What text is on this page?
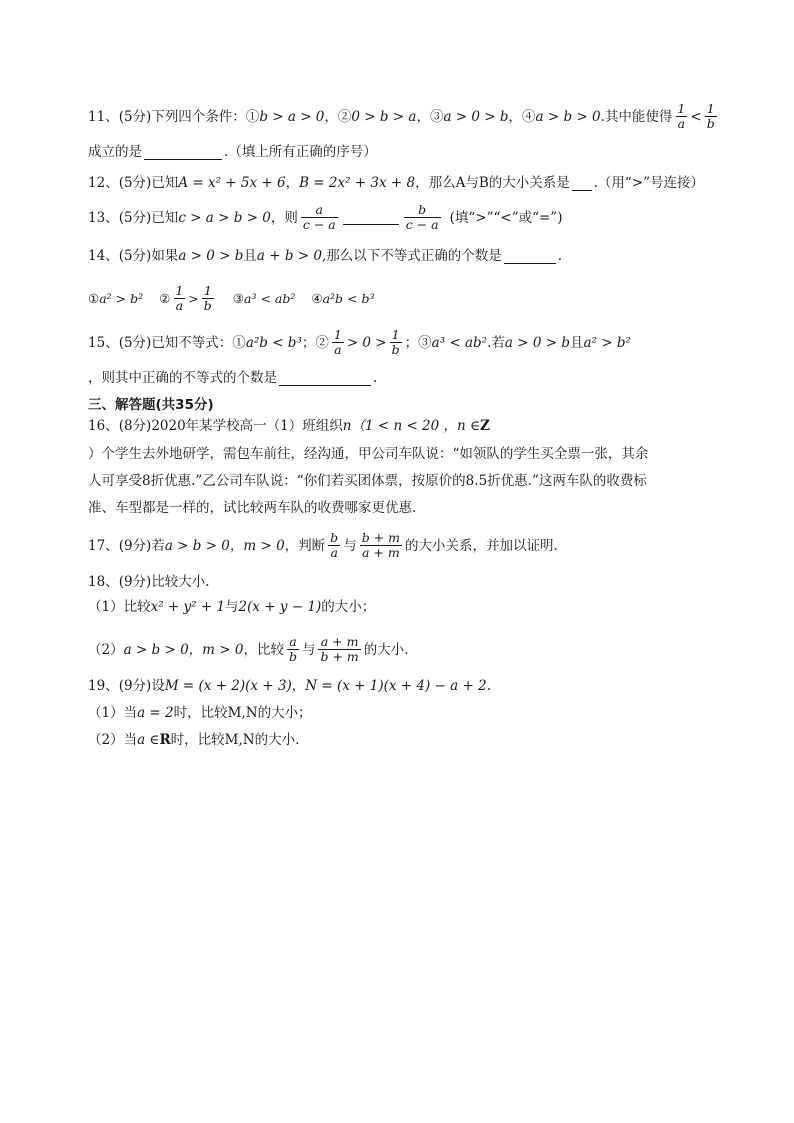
11、 (5分) 下列四个条件：① b > a > 0 ，② 0 > b > a ，③ a > 0 > b ，④ a > b > 0 .其中能使得 $\frac{1}{a} < \frac{1}{b}$
成立的是	.（填上所有正确的序号）
12、 (5分) 已知 A = x² + 5x + 6 ， B = 2x² + 3x + 8 ，那么A与B的大小关系是 .（用“>”号连接）
13、 (5分) 已知 c > a > b > 0 ，则 $\frac{a}{c - a}$	$\frac{b}{c - a}$ (填“>”“<”或“=”)
14、 (5分) 如果 a > 0 > b 且 a + b > 0 ,那么以下不等式正确的个数是	.
① a² > b² ② $\frac{1}{a} > \frac{1}{b}$ ③ a³ < ab² ④ a²b < b³
15、 (5分) 已知不等式：① a²b < b³ ；② $\frac{1}{a} > 0 > \frac{1}{b}$ ；③ a³ < ab² .若 a > 0 > b 且 a² > b²
，则其中正确的不等式的个数是	.
三、解答题(共35分)
16、 (8分) 2020年某学校高一（1）班组织 n （1 < n < 20 ，n ∈ Z
）个学生去外地研学，需包车前往，经沟通，甲公司车队说：“如领队的学生买全票一张，其余
人可享受8折优惠.”乙公司车队说：“你们若买团体票，按原价的8.5折优惠.”这两车队的收费标
准、车型都是一样的，试比较两车队的收费哪家更优惠.
17、 (9分) 若 a > b > 0，m > 0 ，判断 $\frac{b}{a}$ 与 $\frac{b + m}{a + m}$ 的大小关系，并加以证明.
18、 (9分) 比较大小.
（1）比较 x² + y² + 1 与 2(x + y − 1) 的大小；
（2） a > b > 0，m > 0 ，比较 $\frac{a}{b}$ 与 $\frac{a + m}{b + m}$ 的大小.
19、 (9分) 设 M = (x + 2)(x + 3) ， N = (x + 1)(x + 4) − a + 2 .
（1）当 a = 2 时，比较M,N的大小；
（2）当 a ∈ R 时，比较M,N的大小.
